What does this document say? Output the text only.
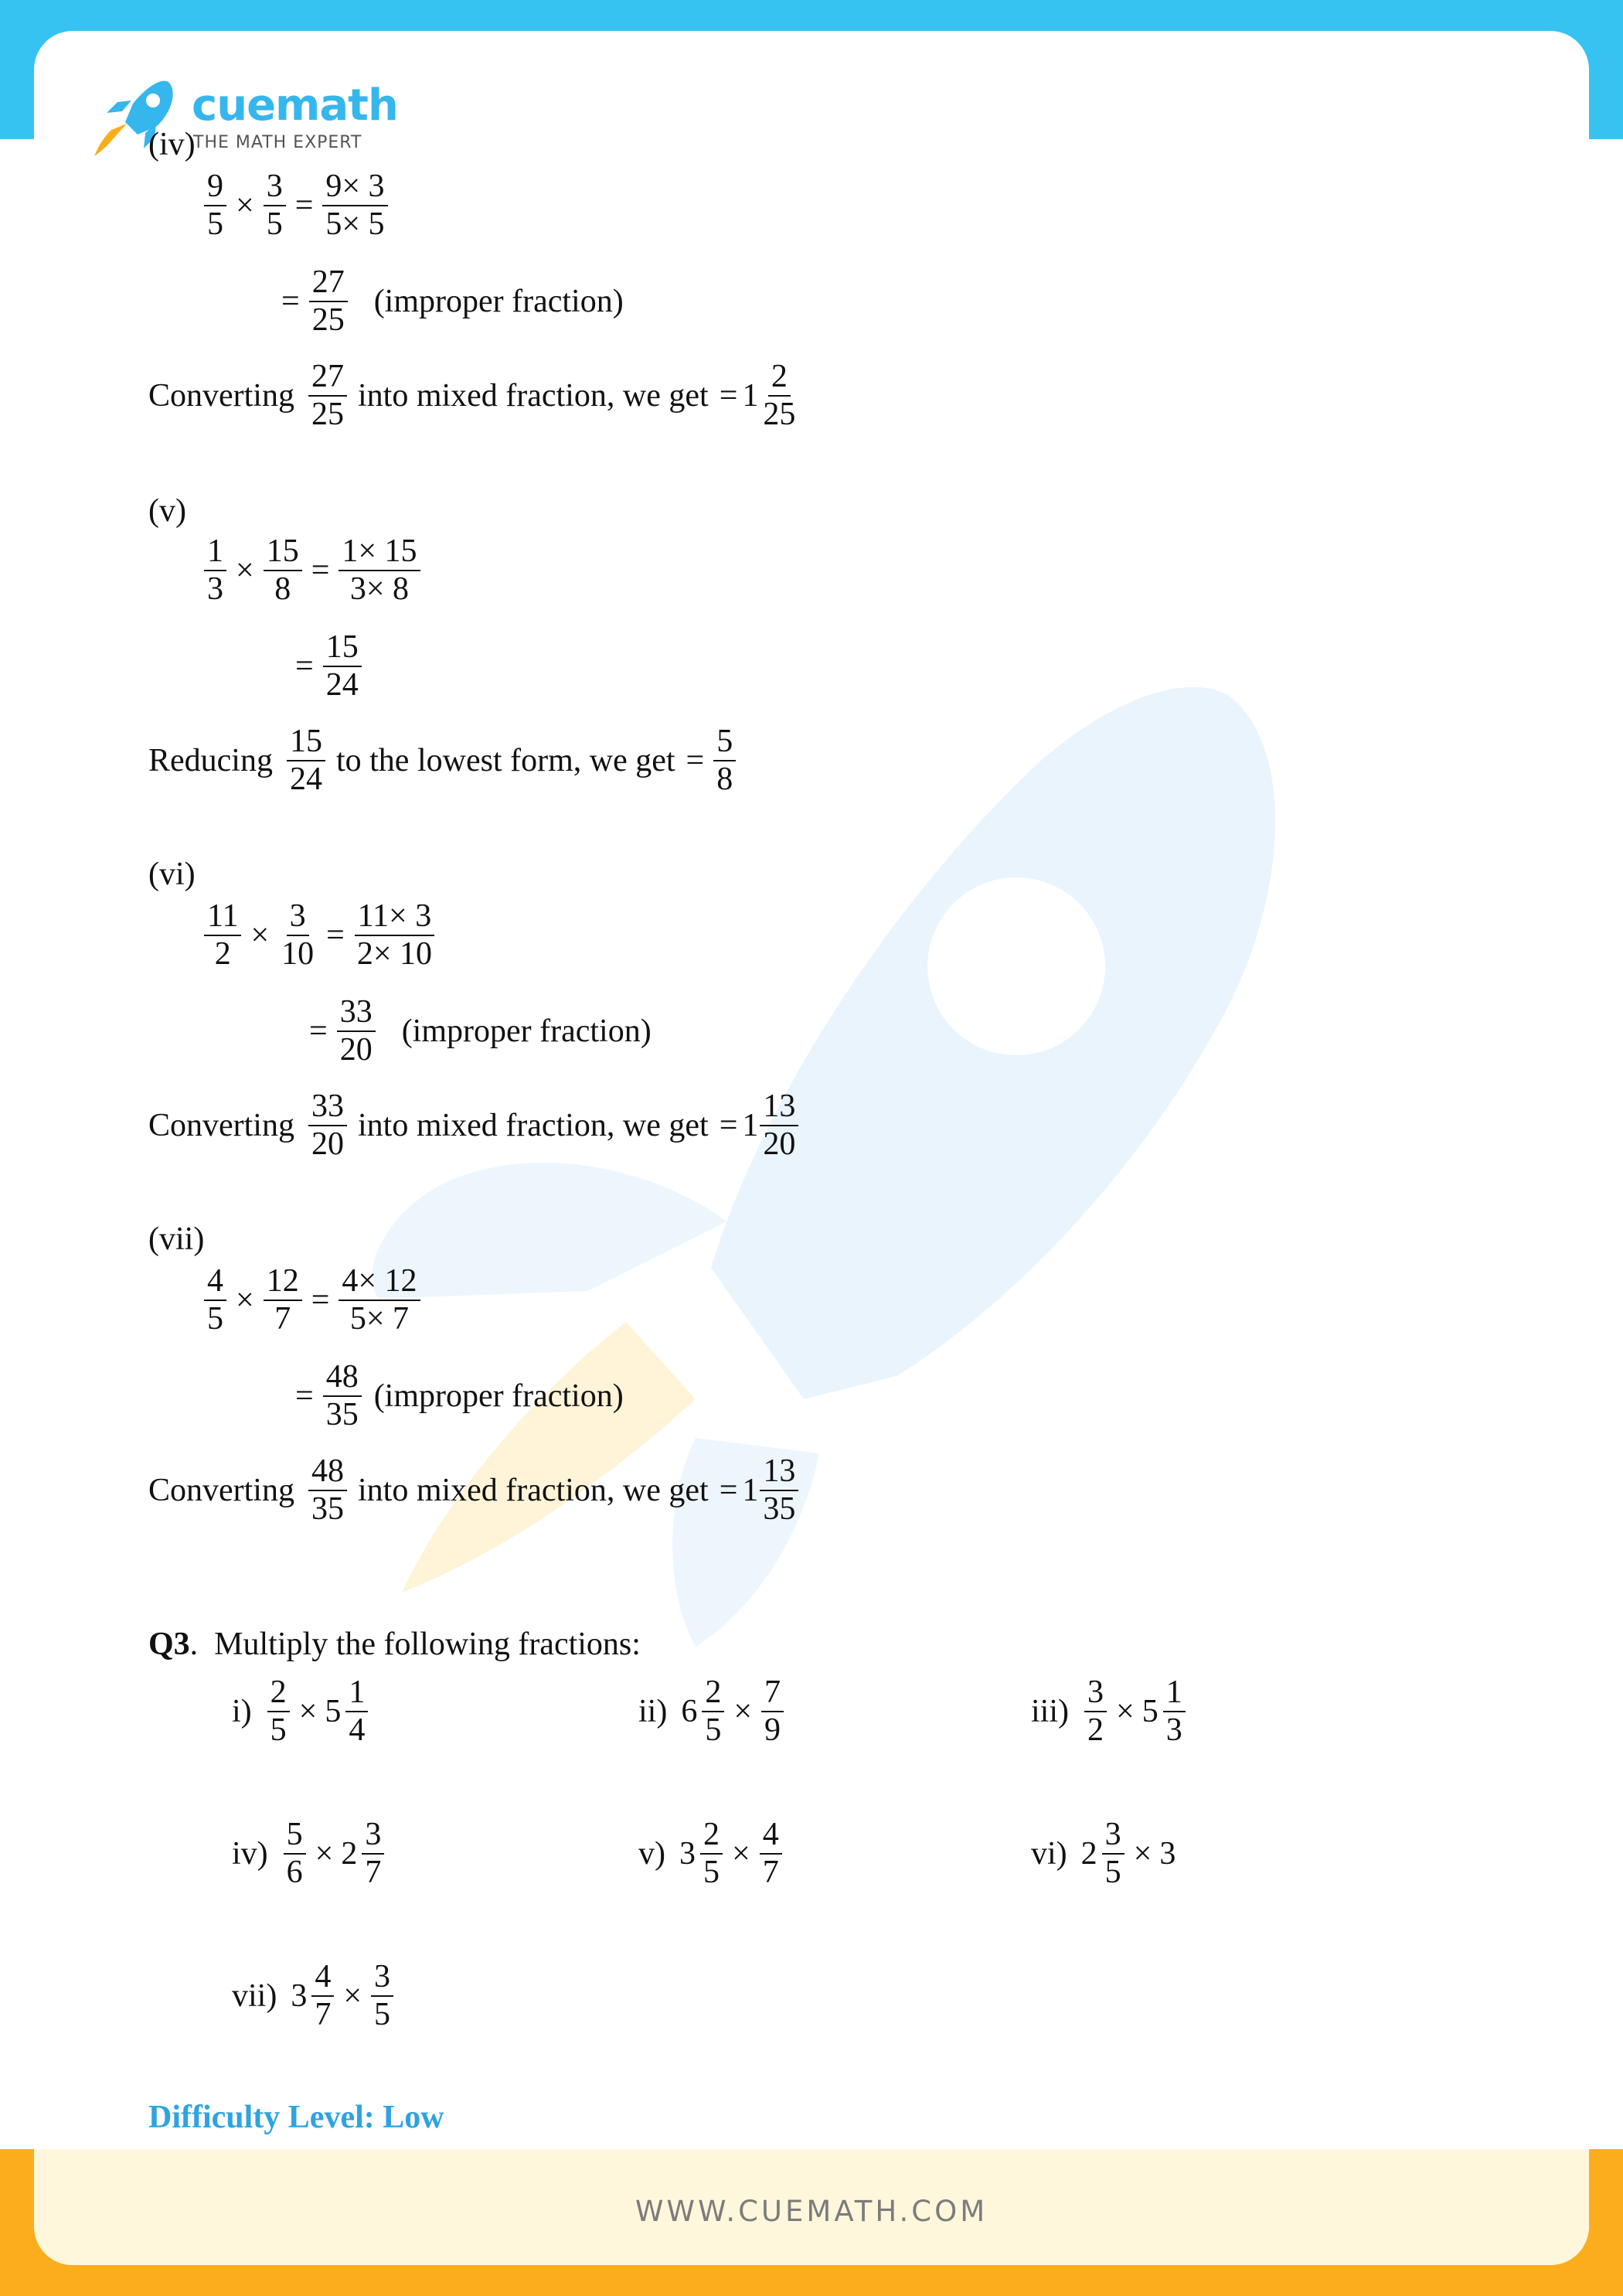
WWW.CUEMATH.COM
cuemath
THE MATH EXPERT
(iv)
$\frac{9}{5} \times \frac{3}{5} = \frac{9\times 3}{5\times 5}$
= $\frac{27}{25}$ (improper fraction)
Converting $\frac{27}{25}$ into mixed fraction, we get = $1 \frac{2}{25}$
(v)
$\frac{1}{3} \times \frac{15}{8} = \frac{1\times 15}{3\times 8}$
= $\frac{15}{24}$
Reducing $\frac{15}{24}$ to the lowest form, we get = $\frac{5}{8}$
(vi)
$\frac{11}{2} \times \frac{3}{10} = \frac{11\times 3}{2\times 10}$
= $\frac{33}{20}$ (improper fraction)
Converting $\frac{33}{20}$ into mixed fraction, we get = $1 \frac{13}{20}$
(vii)
$\frac{4}{5} \times \frac{12}{7} = \frac{4\times 12}{5\times 7}$
= $\frac{48}{35}$ (improper fraction)
Converting $\frac{48}{35}$ into mixed fraction, we get = $1 \frac{13}{35}$
Q3 . Multiply the following fractions:
$i) \frac{2}{5} \times 5 \frac{1}{4}$	ii) $6 \frac{2}{5} \times \frac{7}{9}$	$iii) \frac{3}{2} \times 5 \frac{1}{3}$
$iv) \frac{5}{6} \times 2 \frac{3}{7}$	v) $3 \frac{2}{5} \times \frac{4}{7}$	vi) $2 \frac{3}{5} \times 3$
vii) $3 \frac{4}{7} \times \frac{3}{5}$
Difficulty Level: Low
